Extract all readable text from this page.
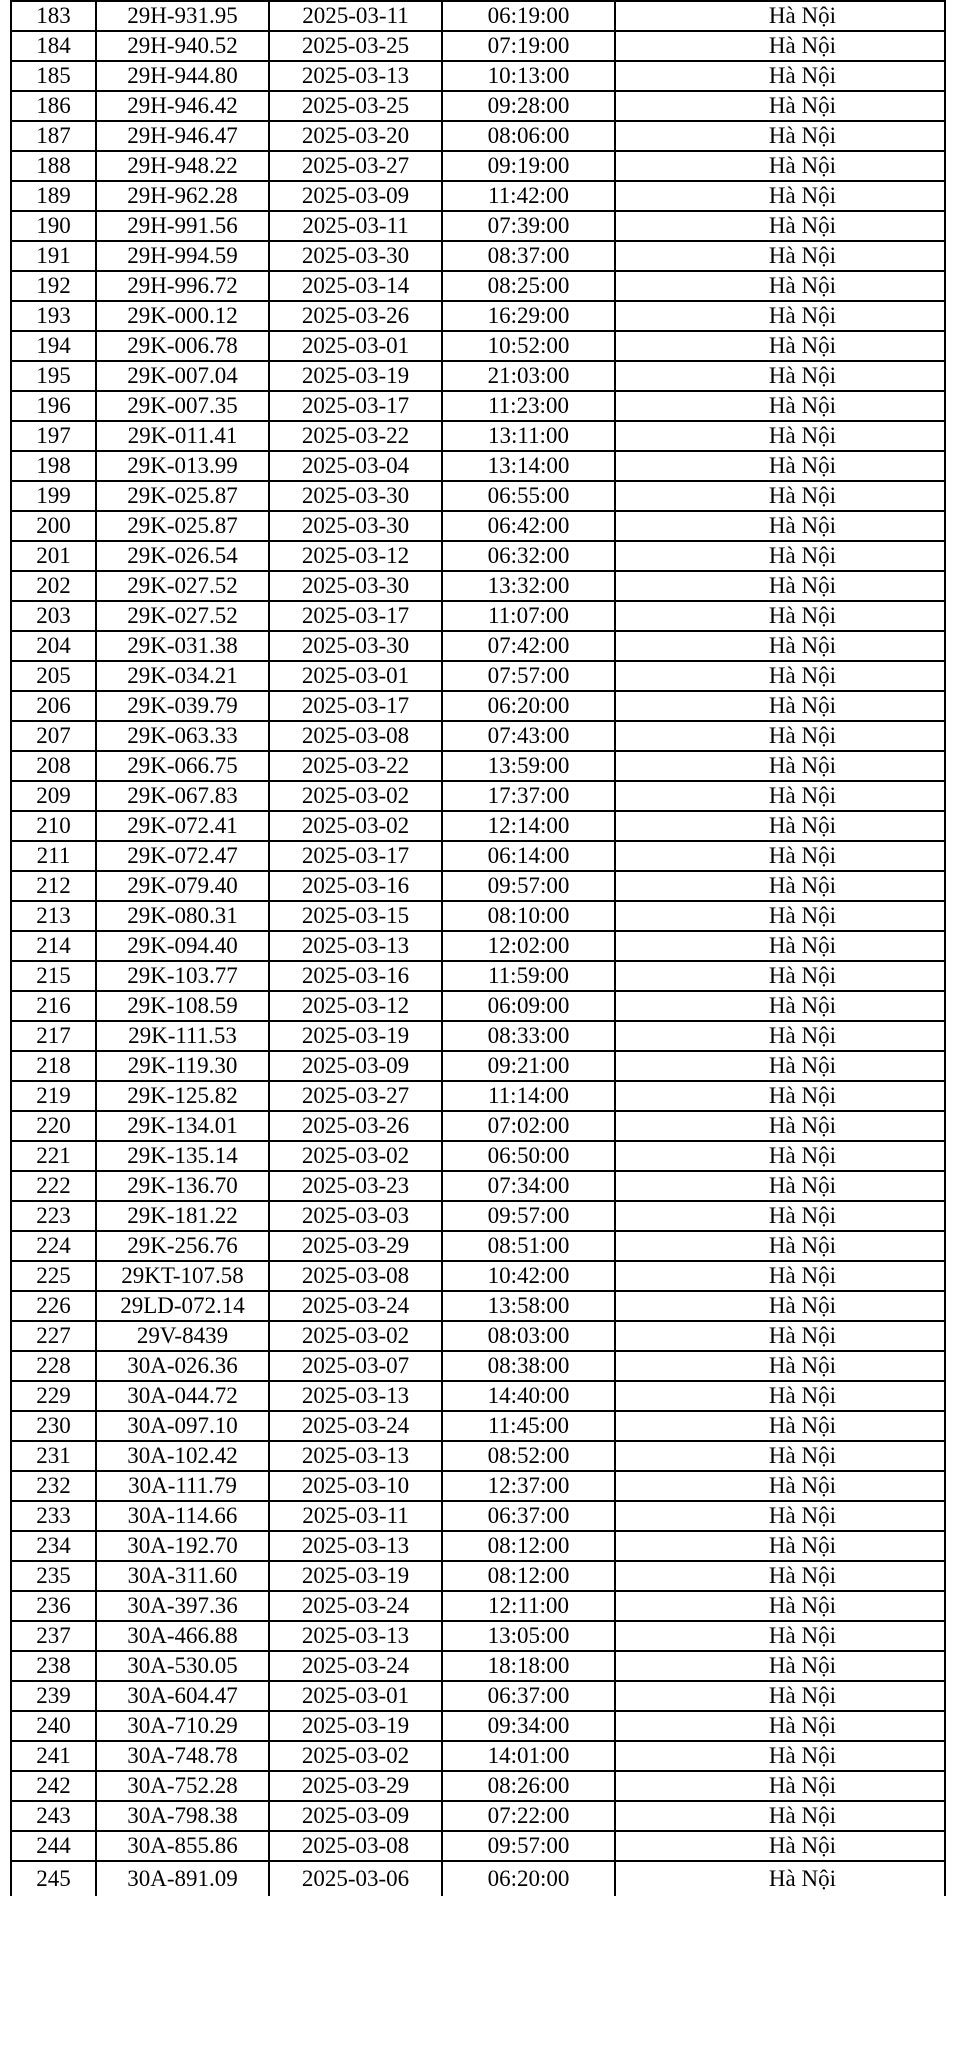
183	29H-931.95	2025-03-11	06:19:00	Hà Nội
184	29H-940.52	2025-03-25	07:19:00	Hà Nội
185	29H-944.80	2025-03-13	10:13:00	Hà Nội
186	29H-946.42	2025-03-25	09:28:00	Hà Nội
187	29H-946.47	2025-03-20	08:06:00	Hà Nội
188	29H-948.22	2025-03-27	09:19:00	Hà Nội
189	29H-962.28	2025-03-09	11:42:00	Hà Nội
190	29H-991.56	2025-03-11	07:39:00	Hà Nội
191	29H-994.59	2025-03-30	08:37:00	Hà Nội
192	29H-996.72	2025-03-14	08:25:00	Hà Nội
193	29K-000.12	2025-03-26	16:29:00	Hà Nội
194	29K-006.78	2025-03-01	10:52:00	Hà Nội
195	29K-007.04	2025-03-19	21:03:00	Hà Nội
196	29K-007.35	2025-03-17	11:23:00	Hà Nội
197	29K-011.41	2025-03-22	13:11:00	Hà Nội
198	29K-013.99	2025-03-04	13:14:00	Hà Nội
199	29K-025.87	2025-03-30	06:55:00	Hà Nội
200	29K-025.87	2025-03-30	06:42:00	Hà Nội
201	29K-026.54	2025-03-12	06:32:00	Hà Nội
202	29K-027.52	2025-03-30	13:32:00	Hà Nội
203	29K-027.52	2025-03-17	11:07:00	Hà Nội
204	29K-031.38	2025-03-30	07:42:00	Hà Nội
205	29K-034.21	2025-03-01	07:57:00	Hà Nội
206	29K-039.79	2025-03-17	06:20:00	Hà Nội
207	29K-063.33	2025-03-08	07:43:00	Hà Nội
208	29K-066.75	2025-03-22	13:59:00	Hà Nội
209	29K-067.83	2025-03-02	17:37:00	Hà Nội
210	29K-072.41	2025-03-02	12:14:00	Hà Nội
211	29K-072.47	2025-03-17	06:14:00	Hà Nội
212	29K-079.40	2025-03-16	09:57:00	Hà Nội
213	29K-080.31	2025-03-15	08:10:00	Hà Nội
214	29K-094.40	2025-03-13	12:02:00	Hà Nội
215	29K-103.77	2025-03-16	11:59:00	Hà Nội
216	29K-108.59	2025-03-12	06:09:00	Hà Nội
217	29K-111.53	2025-03-19	08:33:00	Hà Nội
218	29K-119.30	2025-03-09	09:21:00	Hà Nội
219	29K-125.82	2025-03-27	11:14:00	Hà Nội
220	29K-134.01	2025-03-26	07:02:00	Hà Nội
221	29K-135.14	2025-03-02	06:50:00	Hà Nội
222	29K-136.70	2025-03-23	07:34:00	Hà Nội
223	29K-181.22	2025-03-03	09:57:00	Hà Nội
224	29K-256.76	2025-03-29	08:51:00	Hà Nội
225	29KT-107.58	2025-03-08	10:42:00	Hà Nội
226	29LD-072.14	2025-03-24	13:58:00	Hà Nội
227	29V-8439	2025-03-02	08:03:00	Hà Nội
228	30A-026.36	2025-03-07	08:38:00	Hà Nội
229	30A-044.72	2025-03-13	14:40:00	Hà Nội
230	30A-097.10	2025-03-24	11:45:00	Hà Nội
231	30A-102.42	2025-03-13	08:52:00	Hà Nội
232	30A-111.79	2025-03-10	12:37:00	Hà Nội
233	30A-114.66	2025-03-11	06:37:00	Hà Nội
234	30A-192.70	2025-03-13	08:12:00	Hà Nội
235	30A-311.60	2025-03-19	08:12:00	Hà Nội
236	30A-397.36	2025-03-24	12:11:00	Hà Nội
237	30A-466.88	2025-03-13	13:05:00	Hà Nội
238	30A-530.05	2025-03-24	18:18:00	Hà Nội
239	30A-604.47	2025-03-01	06:37:00	Hà Nội
240	30A-710.29	2025-03-19	09:34:00	Hà Nội
241	30A-748.78	2025-03-02	14:01:00	Hà Nội
242	30A-752.28	2025-03-29	08:26:00	Hà Nội
243	30A-798.38	2025-03-09	07:22:00	Hà Nội
244	30A-855.86	2025-03-08	09:57:00	Hà Nội
245	30A-891.09	2025-03-06	06:20:00	Hà Nội
